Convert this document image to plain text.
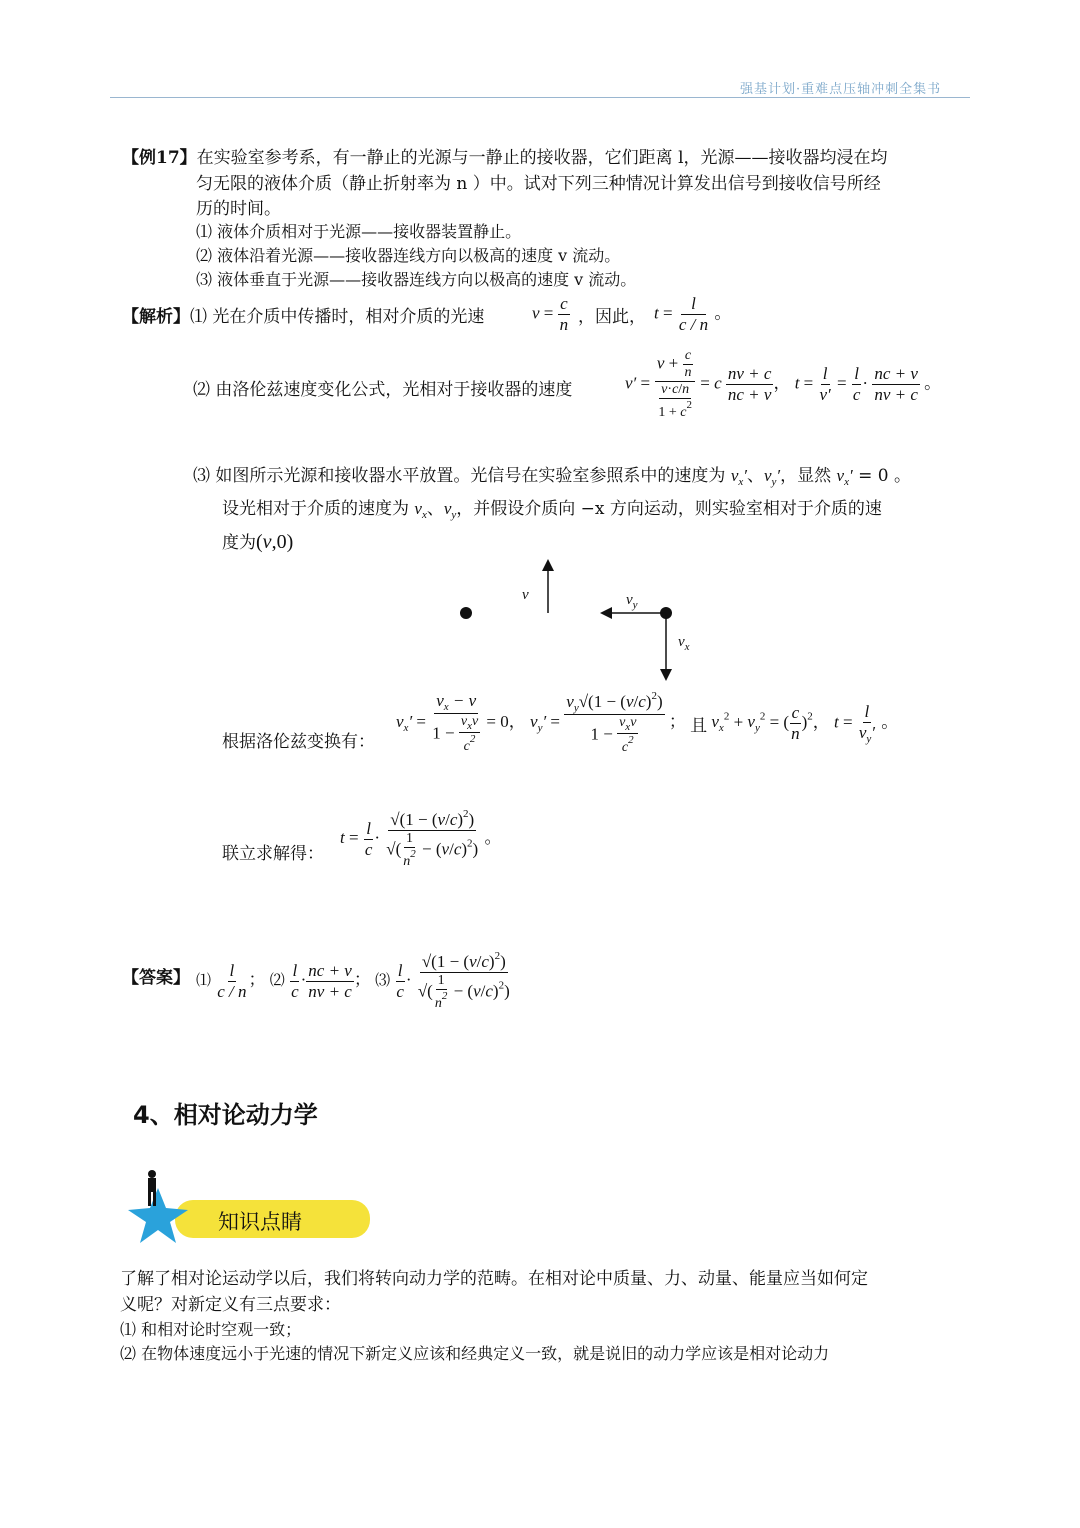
强基计划·重难点压轴冲刺全集书
【例17】在实验室参考系，有一静止的光源与一静止的接收器，它们距离 l，光源——接收器均浸在均
匀无限的液体介质（静止折射率为 n ）中。试对下列三种情况计算发出信号到接收信号所经
历的时间。
⑴ 液体介质相对于光源——接收器装置静止。
⑵ 液体沿着光源——接收器连线方向以极高的速度 v 流动。
⑶ 液体垂直于光源——接收器连线方向以极高的速度 v 流动。
【解析】⑴ 光在介质中传播时，相对介质的光速	$v = \frac{c}{n}$ ，因此， $t = \frac{l}{c / n}$ 。
⑵ 由洛伦兹速度变化公式，光相对于接收器的速度	$v' = \frac{v + \frac{c}{n}}{\frac{v\cdot c/n}{1 + c^2}} = c \frac{nv + c}{nc + v}$ ， $t = \frac{l}{v'} = \frac{l}{c} \cdot \frac{nc + v}{nv + c}$ 。
⑶ 如图所示光源和接收器水平放置。光信号在实验室参照系中的速度为 $v_x'$、$v_y'$，显然 $v_x' = 0$ 。
设光相对于介质的速度为 $v_x$、$v_y$，并假设介质向 −x 方向运动，则实验室相对于介质的速
度为(v,0)
v	$v_y$
$v_x$
根据洛伦兹变换有：
$v_x' = \frac{v_x - v}{1 - \frac{v_xv}{c^2}} = 0$， $v_y' = \frac{v_y√(1 - (v/c)^2)}{1 - \frac{v_xv}{c^2}}$ ； 且 $v_x^2 + v_y^2$ = ( $\frac{c}{n} )^2$， $t = \frac{l}{v_y'}$ 。
联立求解得：
$t = \frac{l}{c} \cdot \frac{√(1 - (v/c)^2)}{√( \frac{1}{n^2} - (v/c)^2)}$ 。
【答案】 ⑴ $\frac{l}{c / n}$ ； ⑵ $\frac{l}{c} \cdot \frac{nc + v}{nv + c}$ ； ⑶ $\frac{l}{c} \cdot \frac{√(1 - (v/c)^2)}{√( \frac{1}{n^2} - (v/c)^2)}$
4、相对论动力学
知识点睛
了解了相对论运动学以后，我们将转向动力学的范畴。在相对论中质量、力、动量、能量应当如何定
义呢？对新定义有三点要求：
⑴ 和相对论时空观一致；
⑵ 在物体速度远小于光速的情况下新定义应该和经典定义一致，就是说旧的动力学应该是相对论动力
